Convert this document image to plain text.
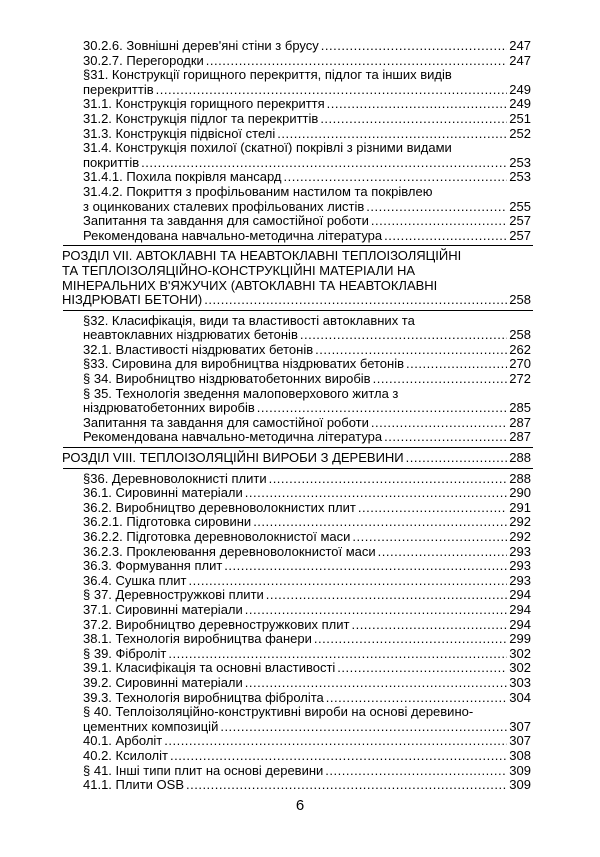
30.2.6. Зовнішні дерев'яні стіни з брусу .....	247
30.2.7. Перегородки .....	247
§31. Конструкції горищного перекриття, підлог та інших видів
перекриттів .....	249
31.1. Конструкція горищного перекриття .....	249
31.2. Конструкція підлог та перекриттів .....	251
31.3. Конструкція підвісної стелі .....	252
31.4. Конструкція похилої (скатної) покрівлі з різними видами
покриттів .....	253
31.4.1. Похила покрівля мансард .....	253
31.4.2. Покриття з профільованим настилом та покрівлею
з оцинкованих сталевих профільованих листів .....	255
Запитання та завдання для самостійної роботи .....	257
Рекомендована навчально-методична література .....	257
РОЗДІЛ VII. АВТОКЛАВНІ ТА НЕАВТОКЛАВНІ ТЕПЛОІЗОЛЯЦІЙНІ
ТА ТЕПЛОІЗОЛЯЦІЙНО-КОНСТРУКЦІЙНІ МАТЕРІАЛИ НА
МІНЕРАЛЬНИХ В'ЯЖУЧИХ (АВТОКЛАВНІ ТА НЕАВТОКЛАВНІ
НІЗДРЮВАТІ БЕТОНИ) .....	258
§32. Класифікація, види та властивості автоклавних та
неавтоклавних ніздрюватих бетонів .....	258
32.1. Властивості ніздрюватих бетонів .....	262
§33. Сировина для виробництва ніздрюватих бетонів .....	270
§ 34. Виробництво ніздрюватобетонних виробів .....	272
§ 35. Технологія зведення малоповерхового житла з
ніздрюватобетонних виробів .....	285
Запитання та завдання для самостійної роботи .....	287
Рекомендована навчально-методична література .....	287
РОЗДІЛ VIII. ТЕПЛОІЗОЛЯЦІЙНІ ВИРОБИ З ДЕРЕВИНИ .....	288
§36. Деревноволокнисті плити .....	288
36.1. Сировинні матеріали .....	290
36.2. Виробництво деревноволокнистих плит .....	291
36.2.1. Підготовка сировини .....	292
36.2.2. Підготовка деревноволокнистої маси .....	292
36.2.3. Проклеювання деревноволокнистої маси .....	293
36.3. Формування плит .....	293
36.4. Сушка плит .....	293
§ 37. Деревностружкові плити .....	294
37.1. Сировинні матеріали .....	294
37.2. Виробництво деревностружкових плит .....	294
38.1. Технологія виробництва фанери .....	299
§ 39. Фіброліт .....	302
39.1. Класифікація та основні властивості .....	302
39.2. Сировинні матеріали .....	303
39.3. Технологія виробництва фіброліта .....	304
§ 40. Теплоізоляційно-конструктивні вироби на основі деревино-
цементних композицій .....	307
40.1. Арболіт .....	307
40.2. Ксилоліт .....	308
§ 41. Інші типи плит на основі деревини .....	309
41.1. Плити OSB .....	309
6
